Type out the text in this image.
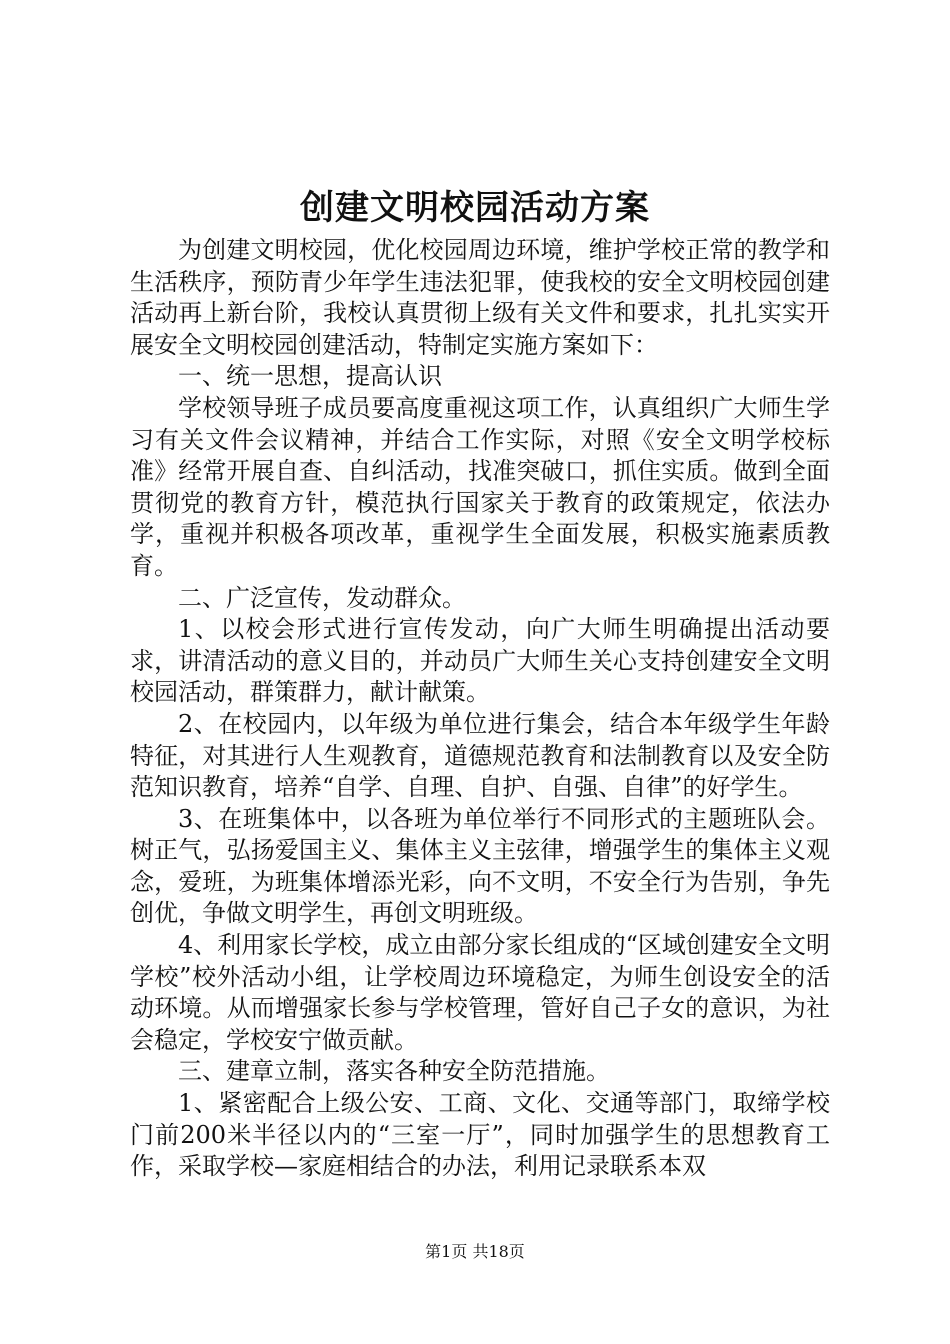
创建文明校园活动方案

为创建文明校园，优化校园周边环境，维护学校正常的教学和生活秩序，预防青少年学生违法犯罪，使我校的安全文明校园创建活动再上新台阶，我校认真贯彻上级有关文件和要求，扎扎实实开展安全文明校园创建活动，特制定实施方案如下：

一、统一思想，提高认识

学校领导班子成员要高度重视这项工作，认真组织广大师生学习有关文件会议精神，并结合工作实际，对照《安全文明学校标准》经常开展自查、自纠活动，找准突破口，抓住实质。做到全面贯彻党的教育方针，模范执行国家关于教育的政策规定，依法办学，重视并积极各项改革，重视学生全面发展，积极实施素质教育。

二、广泛宣传，发动群众。

1、以校会形式进行宣传发动，向广大师生明确提出活动要求，讲清活动的意义目的，并动员广大师生关心支持创建安全文明校园活动，群策群力，献计献策。

2、在校园内，以年级为单位进行集会，结合本年级学生年龄特征，对其进行人生观教育，道德规范教育和法制教育以及安全防范知识教育，培养“自学、自理、自护、自强、自律”的好学生。

3、在班集体中，以各班为单位举行不同形式的主题班队会。树正气，弘扬爱国主义、集体主义主弦律，增强学生的集体主义观念，爱班，为班集体增添光彩，向不文明，不安全行为告别，争先创优，争做文明学生，再创文明班级。

4、利用家长学校，成立由部分家长组成的“区域创建安全文明学校”校外活动小组，让学校周边环境稳定，为师生创设安全的活动环境。从而增强家长参与学校管理，管好自己子女的意识，为社会稳定，学校安宁做贡献。

三、建章立制，落实各种安全防范措施。

1、紧密配合上级公安、工商、文化、交通等部门，取缔学校门前200米半径以内的“三室一厅”，同时加强学生的思想教育工作，采取学校—家庭相结合的办法，利用记录联系本双

第1页 共18页
